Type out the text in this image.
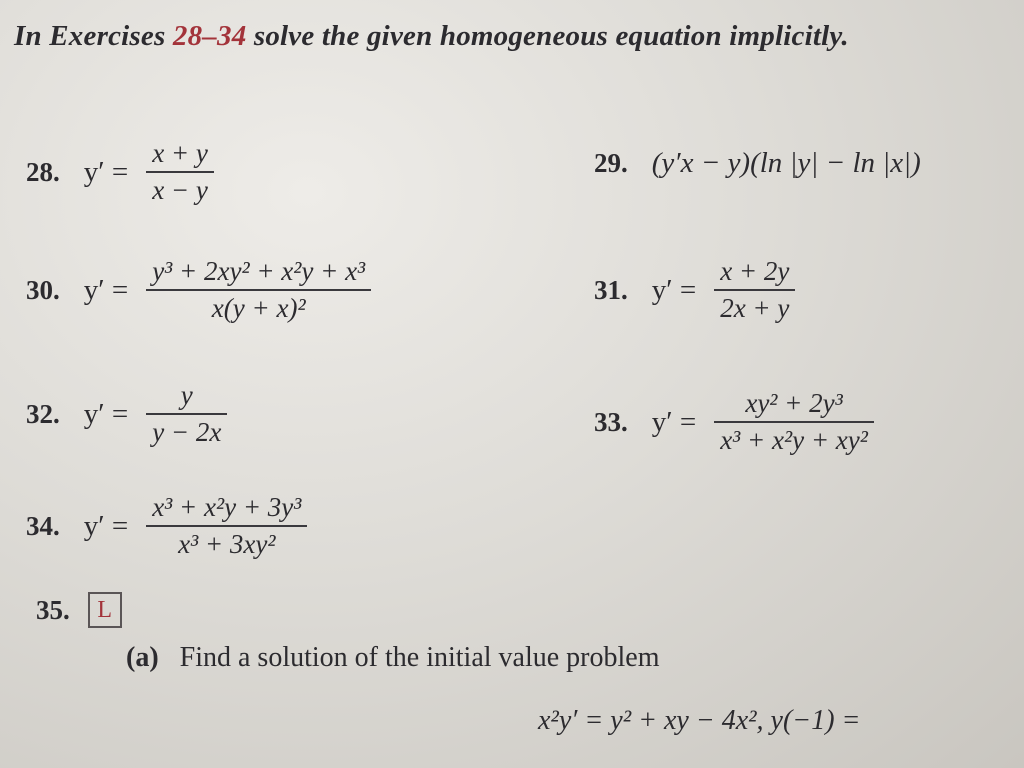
In Exercises 28–34 solve the given homogeneous equation implicitly.
28. $y' = \frac{x + y}{x - y}$	29. (y′x − y)(ln |y| − ln |x|)
30. $y' = \frac{\text{y³ + 2xy² + x²y + x³}}{\text{x(y + x)²}}$	31. $y' = \frac{x + 2y}{2x + y}$
32. $y' = \frac{y}{y - 2x}$	33. $y' = \frac{\text{xy² + 2y³}}{\text{x³ + x²y + xy²}}$
34. $y' = \frac{\text{x³ + x²y + 3y³}}{\text{x³ + 3xy²}}$
35.	L
(a) Find a solution of the initial value problem
x²y′ = y² + xy − 4x², y(−1) =
